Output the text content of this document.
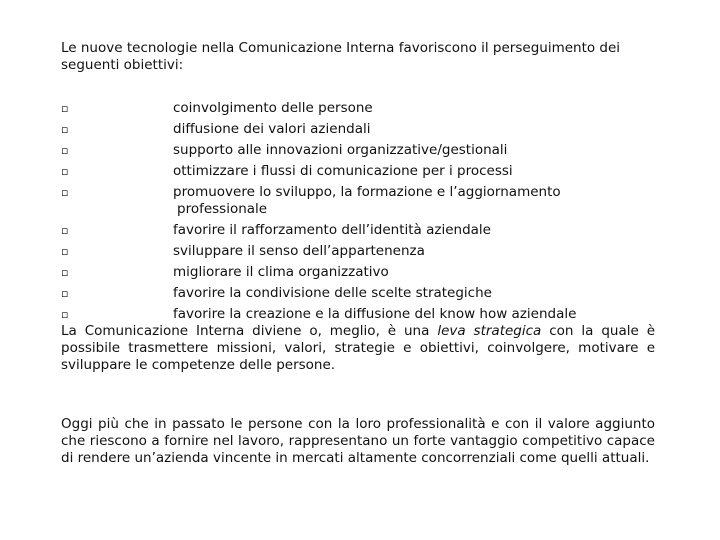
Le nuove tecnologie nella Comunicazione Interna favoriscono il perseguimento dei seguenti obiettivi:

▫	coinvolgimento delle persone
▫	diffusione dei valori aziendali
▫	supporto alle innovazioni organizzative/gestionali
▫	ottimizzare i flussi di comunicazione per i processi
▫	promuovere lo sviluppo, la formazione e l’aggiornamento
professionale
▫	favorire il rafforzamento dell’identità aziendale
▫	sviluppare il senso dell’appartenenza
▫	migliorare il clima organizzativo
▫	favorire la condivisione delle scelte strategiche
▫	favorire la creazione e la diffusione del know how aziendale

La Comunicazione Interna diviene o, meglio, è una leva strategica con la quale è possibile trasmettere missioni, valori, strategie e obiettivi, coinvolgere, motivare e sviluppare le competenze delle persone.

Oggi più che in passato le persone con la loro professionalità e con il valore aggiunto che riescono a fornire nel lavoro, rappresentano un forte vantaggio competitivo capace di rendere un’azienda vincente in mercati altamente concorrenziali come quelli attuali.
